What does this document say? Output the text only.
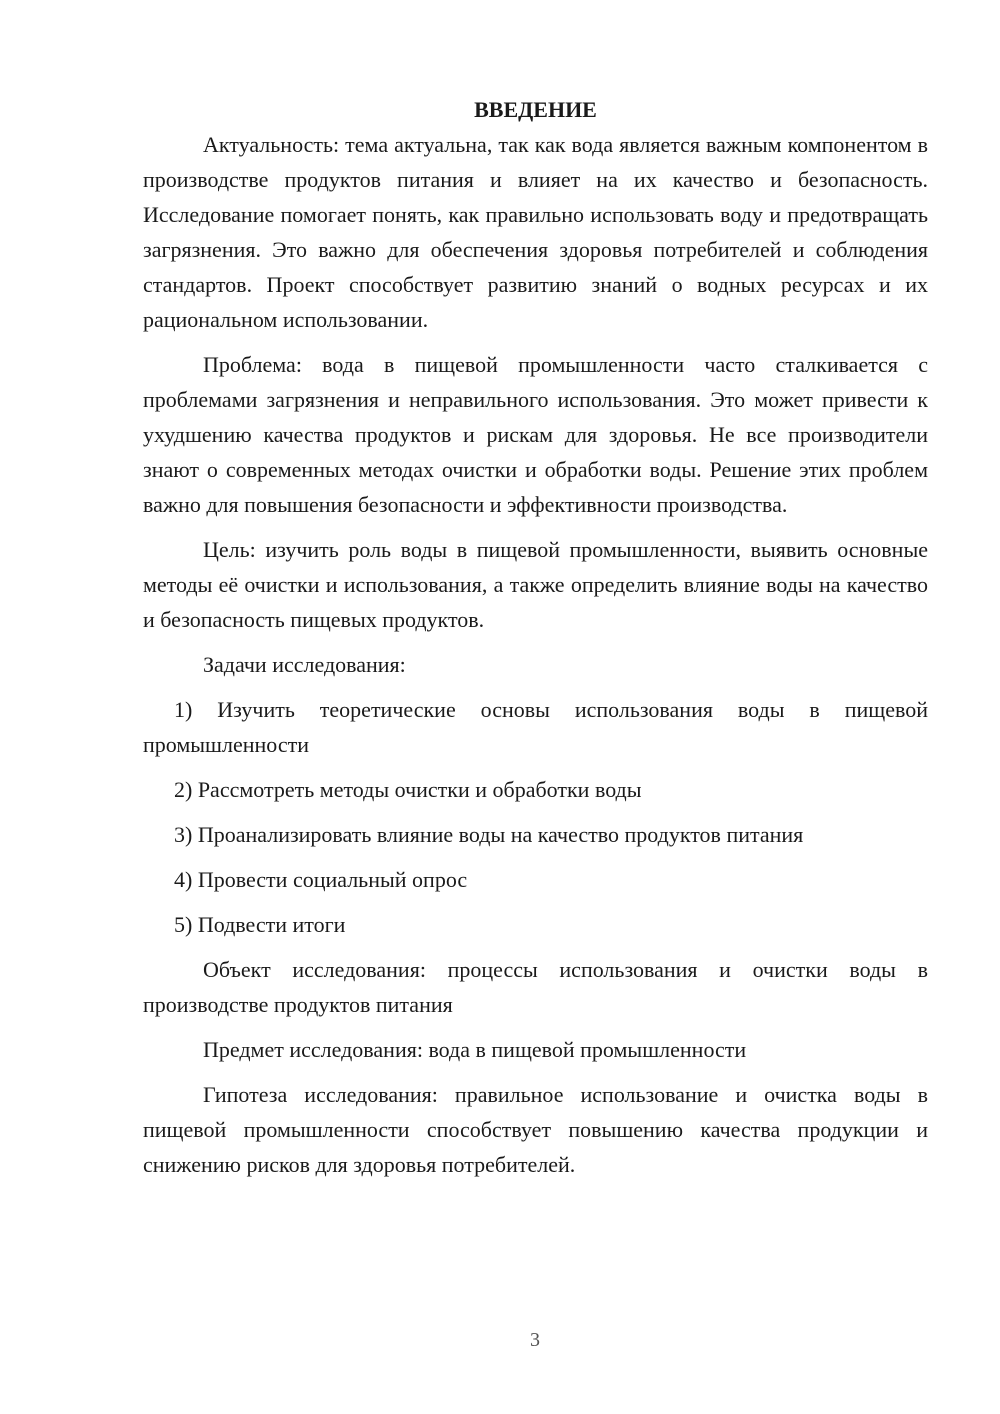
ВВЕДЕНИЕ

Актуальность: тема актуальна, так как вода является важным компонентом в производстве продуктов питания и влияет на их качество и безопасность. Исследование помогает понять, как правильно использовать воду и предотвращать загрязнения. Это важно для обеспечения здоровья потребителей и соблюдения стандартов. Проект способствует развитию знаний о водных ресурсах и их рациональном использовании.

Проблема: вода в пищевой промышленности часто сталкивается с проблемами загрязнения и неправильного использования. Это может привести к ухудшению качества продуктов и рискам для здоровья. Не все производители знают о современных методах очистки и обработки воды. Решение этих проблем важно для повышения безопасности и эффективности производства.

Цель: изучить роль воды в пищевой промышленности, выявить основные методы её очистки и использования, а также определить влияние воды на качество и безопасность пищевых продуктов.

Задачи исследования:

1) Изучить теоретические основы использования воды в пищевой промышленности
2) Рассмотреть методы очистки и обработки воды
3) Проанализировать влияние воды на качество продуктов питания
4) Провести социальный опрос
5) Подвести итоги

Объект исследования: процессы использования и очистки воды в производстве продуктов питания

Предмет исследования: вода в пищевой промышленности

Гипотеза исследования: правильное использование и очистка воды в пищевой промышленности способствует повышению качества продукции и снижению рисков для здоровья потребителей.

3
